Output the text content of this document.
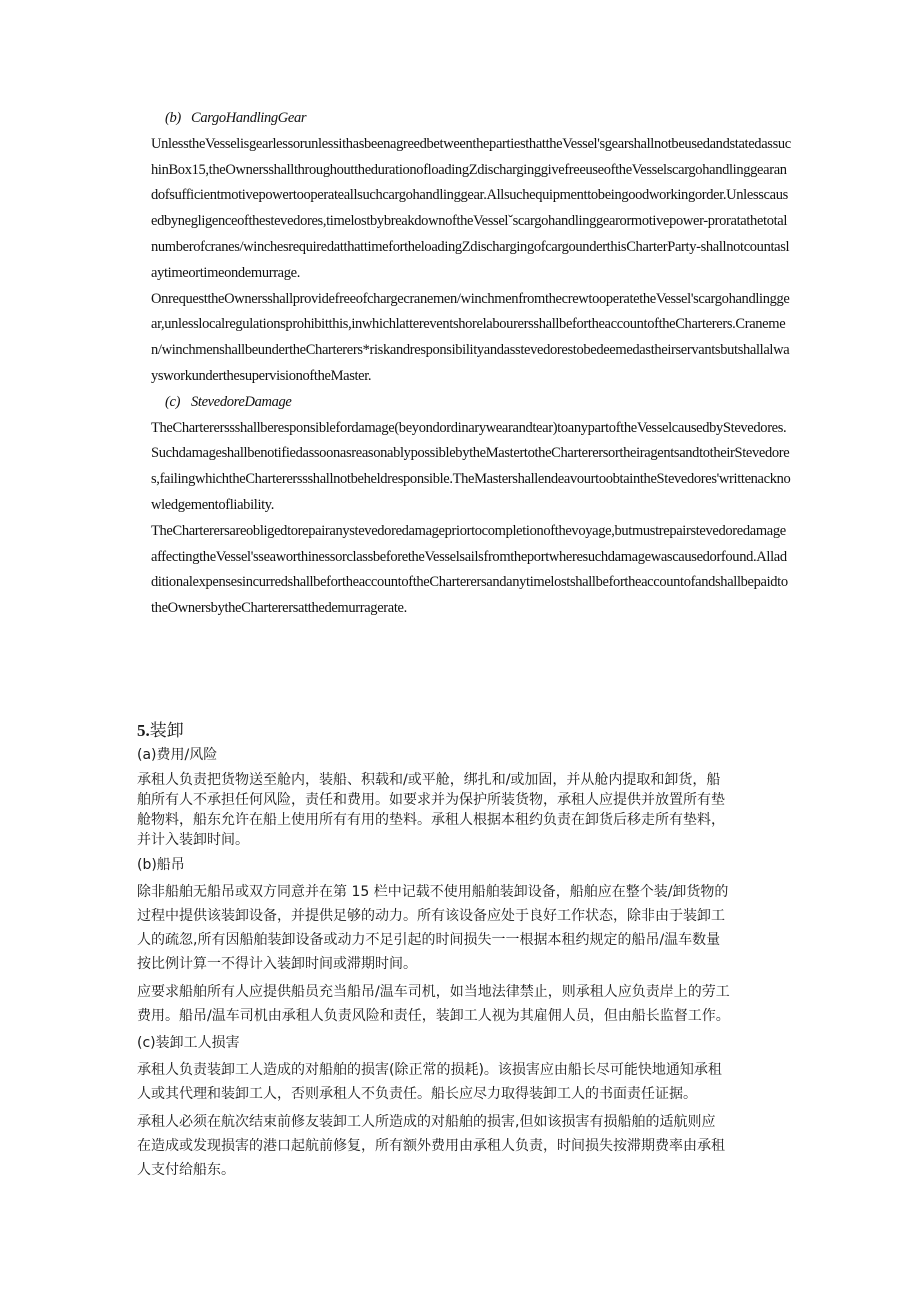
(b) CargoHandlingGear

UnlesstheVesselisgearlessorunlessithasbeenagreedbetweenthepartiesthattheVessel'sgearshallnotbeusedandstatedassuchinBox15,theOwnersshallthroughoutthedurationofloadingZdischarginggivefreeuseoftheVesselscargohandlinggearandofsufficientmotivepowertooperateallsuchcargohandlinggear.Allsuchequipmenttobeingoodworkingorder.Unlesscausedbynegligenceofthestevedores,timelostbybreakdownoftheVesselˇscargohandlinggearormotivepower-proratathetotalnumberofcranes/winchesrequiredatthattimefortheloadingZdischargingofcargounderthisCharterParty-shallnotcountaslaytimeortimeondemurrage.

OnrequesttheOwnersshallprovidefreeofchargecranemen/winchmenfromthecrewtooperatetheVessel'scargohandlinggear,unlesslocalregulationsprohibitthis,inwhichlattereventshorelabourersshallbefortheaccountoftheCharterers.Cranemen/winchmenshallbeundertheCharterers*riskandresponsibilityandasstevedorestobedeemedastheirservantsbutshallalwaysworkunderthesupervisionoftheMaster.

(c) StevedoreDamage

TheChartererssshallberesponsiblefordamage(beyondordinarywearandtear)toanypartoftheVesselcausedbyStevedores.SuchdamageshallbenotifiedassoonasreasonablypossiblebytheMastertotheCharterersortheiragentsandtotheirStevedores,failingwhichtheChartererssshallnotbeheldresponsible.TheMastershallendeavourtoobtaintheStevedores'writtenacknowledgementofliability.

TheCharterersareobligedtorepairanystevedoredamagepriortocompletionofthevoyage,butmustrepairstevedoredamageaffectingtheVessel'sseaworthinessorclassbeforetheVesselsailsfromtheportwheresuchdamagewascausedorfound.AlladditionalexpensesincurredshallbefortheaccountoftheCharterersandanytimelostshallbefortheaccountofandshallbepaidtotheOwnersbytheCharterersatthedemurragerate.

5.装卸
(a)费用/风险
承租人负责把货物送至舱内，装船、积载和/或平舱，绑扎和/或加固，并从舱内提取和卸货，船
舶所有人不承担任何风险，责任和费用。如要求并为保护所装货物，承租人应提供并放置所有垫
舱物料，船东允许在船上使用所有有用的垫料。承租人根据本租约负责在卸货后移走所有垫料，
并计入装卸时间。
(b)船吊
除非船舶无船吊或双方同意并在第 15 栏中记载不使用船舶装卸设备，船舶应在整个装/卸货物的
过程中提供该装卸设备，并提供足够的动力。所有该设备应处于良好工作状态，除非由于装卸工
人的疏忽,所有因船舶装卸设备或动力不足引起的时间损失一一根据本租约规定的船吊/温车数量
按比例计算一不得计入装卸时间或滞期时间。
应要求船舶所有人应提供船员充当船吊/温车司机，如当地法律禁止，则承租人应负责岸上的劳工
费用。船吊/温车司机由承租人负责风险和责任，装卸工人视为其雇佣人员，但由船长监督工作。
(c)装卸工人损害
承租人负责装卸工人造成的对船舶的损害(除正常的损耗)。该损害应由船长尽可能快地通知承租
人或其代理和装卸工人，否则承租人不负责任。船长应尽力取得装卸工人的书面责任证据。
承租人必须在航次结束前修友装卸工人所造成的对船舶的损害,但如该损害有损船舶的适航则应
在造成或发现损害的港口起航前修复，所有额外费用由承租人负责，时间损失按滞期费率由承租
人支付给船东。
